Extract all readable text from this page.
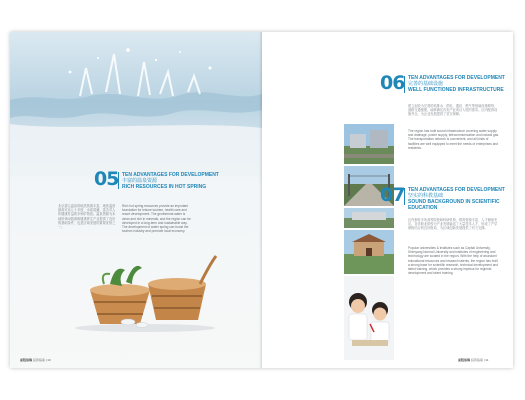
05 TEN ADVANTAGES FOR DEVELOPMENT
丰富的温泉资源
RICH RESOURCES IN HOT SPRING
北京碧云温泉的地热资源丰富，地热温度最高可达七十多度，水质清澈，富含对人体健康有益的多种矿物质。温泉资源为本地的休闲旅游和健康养生产业提供了良好的基础条件，也是区域发展的重要优势之一。
Rich hot spring resources provide an important foundation for leisure tourism, health care and resort development. The geothermal water is clean and rich in minerals, and the region can be developed in a long-term and sustainable way. The development of water spring can boost the tourism industry and promote local economy.
前程似锦 投资指南 | 10
06 TEN ADVANTAGES FOR DEVELOPMENT
完善的基础设施
WELL FUNCTIONED INFRASTRUCTURE
建立起较为完善的给排水、供电、通信、燃气等基础设施网络，道路交通便捷，能够满足各类产业项目入驻的需求。区内配套设施齐全，为企业发展提供了坚实保障。
The region has built sound infrastructure covering water supply and drainage, power supply, telecommunication and natural gas. The transportation network is convenient, and all kinds of facilities are well equipped to meet the needs of enterprises and residents.
07 TEN ADVANTAGES FOR DEVELOPMENT
坚实的科教基础
SOUND BACKGROUND IN SCIENTIFIC EDUCATION
区内拥有多所高等院校和科研机构，教育资源丰富，人才储备充足。各类职业院校为产业发展输送了大量技术人才，形成了产学研相结合的良好格局，为区域创新发展提供了有力支撑。
Popular universities & institutes such as Capital University, Shenyang Normal University and institutes of engineering and technology are located in the region. With the help of abundant educational resources and research talents, the region has built a strong base for scientific research, technical development and talent training, which provides a strong impetus for regional development and talent training.
前程似锦 投资指南 | 11
